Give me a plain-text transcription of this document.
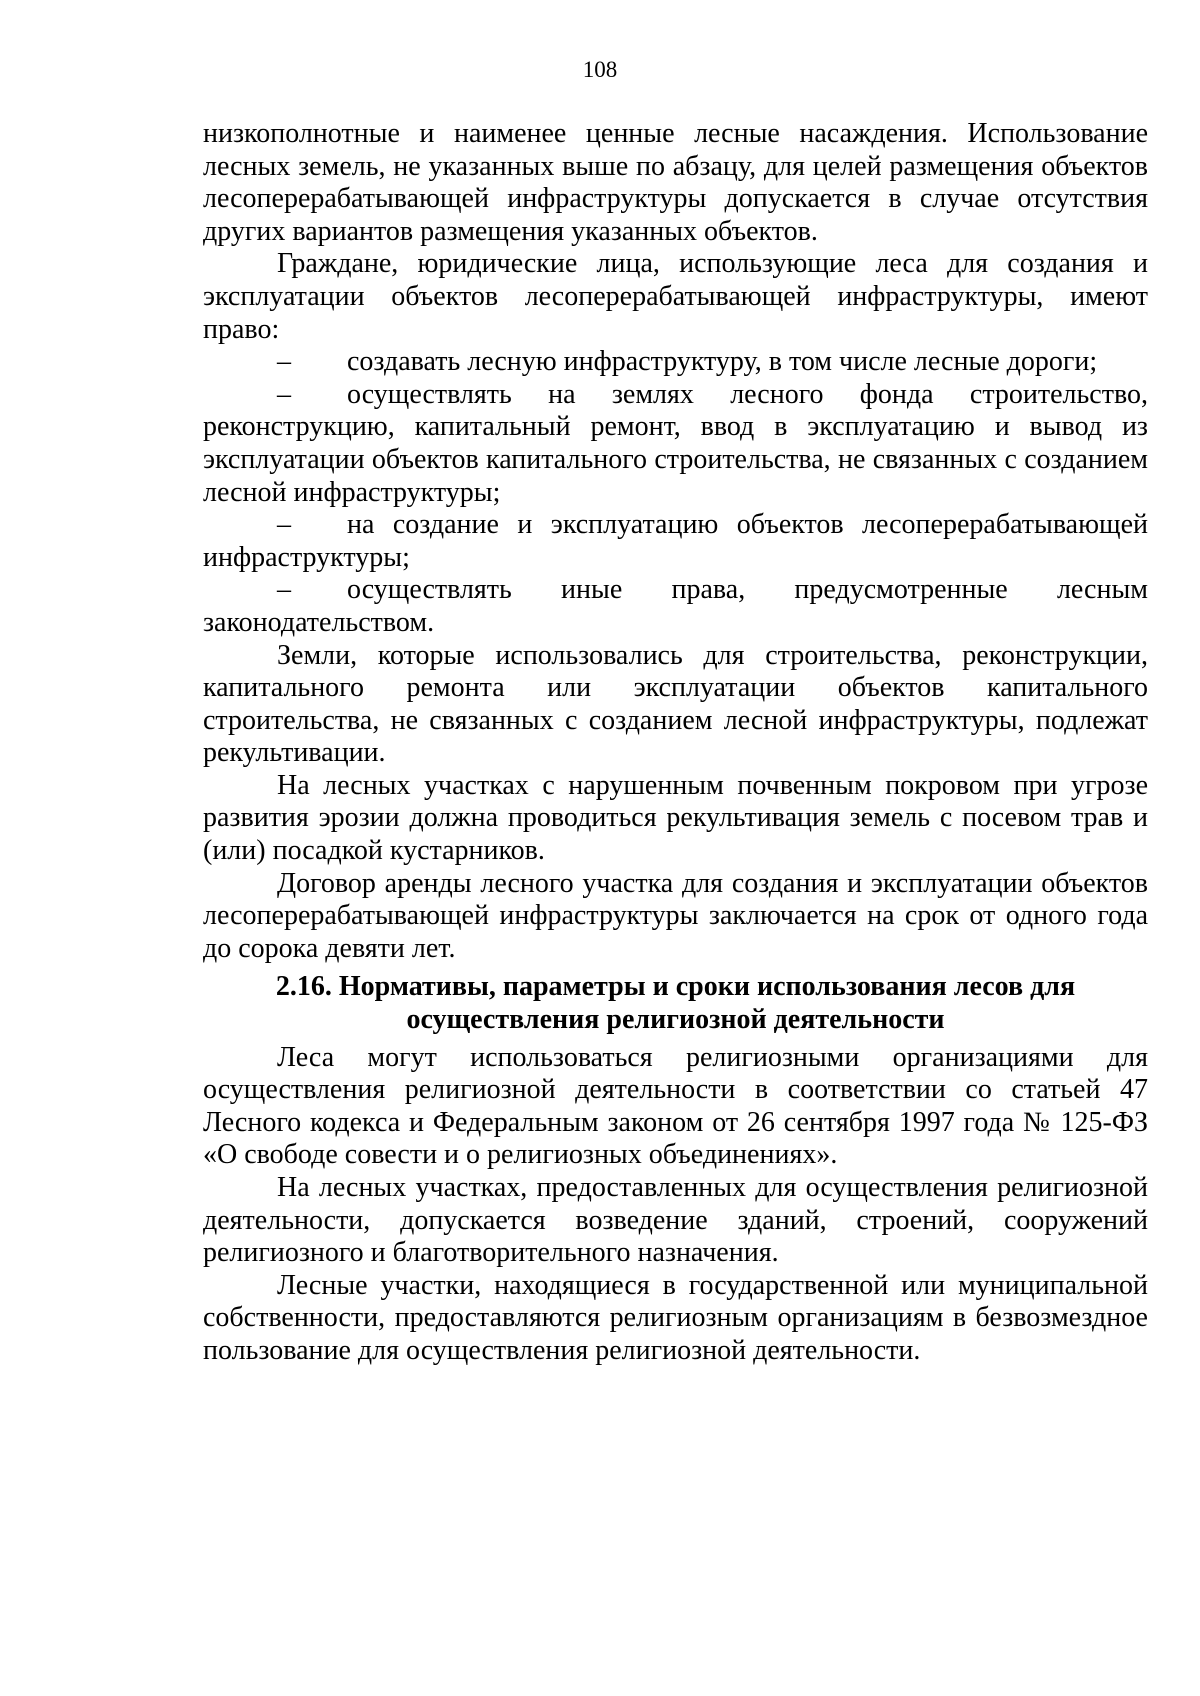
108

низкополнотные и наименее ценные лесные насаждения. Использование лесных земель, не указанных выше по абзацу, для целей размещения объектов лесоперерабатывающей инфраструктуры допускается в случае отсутствия других вариантов размещения указанных объектов.

Граждане, юридические лица, использующие леса для создания и эксплуатации объектов лесоперерабатывающей инфраструктуры, имеют право:

– создавать лесную инфраструктуру, в том числе лесные дороги;

– осуществлять на землях лесного фонда строительство, реконструкцию, капитальный ремонт, ввод в эксплуатацию и вывод из эксплуатации объектов капитального строительства, не связанных с созданием лесной инфраструктуры;

– на создание и эксплуатацию объектов лесоперерабатывающей инфраструктуры;

– осуществлять иные права, предусмотренные лесным законодательством.

Земли, которые использовались для строительства, реконструкции, капитального ремонта или эксплуатации объектов капитального строительства, не связанных с созданием лесной инфраструктуры, подлежат рекультивации.

На лесных участках с нарушенным почвенным покровом при угрозе развития эрозии должна проводиться рекультивация земель с посевом трав и (или) посадкой кустарников.

Договор аренды лесного участка для создания и эксплуатации объектов лесоперерабатывающей инфраструктуры заключается на срок от одного года до сорока девяти лет.

2.16. Нормативы, параметры и сроки использования лесов для осуществления религиозной деятельности

Леса могут использоваться религиозными организациями для осуществления религиозной деятельности в соответствии со статьей 47 Лесного кодекса и Федеральным законом от 26 сентября 1997 года № 125-ФЗ «О свободе совести и о религиозных объединениях».

На лесных участках, предоставленных для осуществления религиозной деятельности, допускается возведение зданий, строений, сооружений религиозного и благотворительного назначения.

Лесные участки, находящиеся в государственной или муниципальной собственности, предоставляются религиозным организациям в безвозмездное пользование для осуществления религиозной деятельности.
